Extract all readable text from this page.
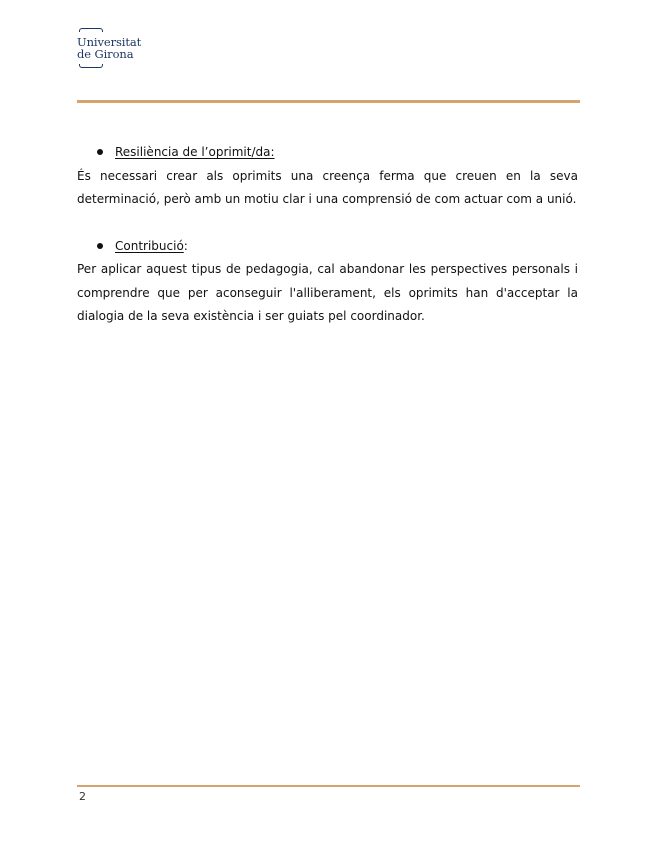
Universitat
de Girona
Resiliència de l’oprimit/da:

És necessari crear als oprimits una creença ferma que creuen en la seva determinació, però amb un motiu clar i una comprensió de com actuar com a unió.

Contribució:

Per aplicar aquest tipus de pedagogia, cal abandonar les perspectives personals i comprendre que per aconseguir l'alliberament, els oprimits han d'acceptar la dialogia de la seva existència i ser guiats pel coordinador.

2
